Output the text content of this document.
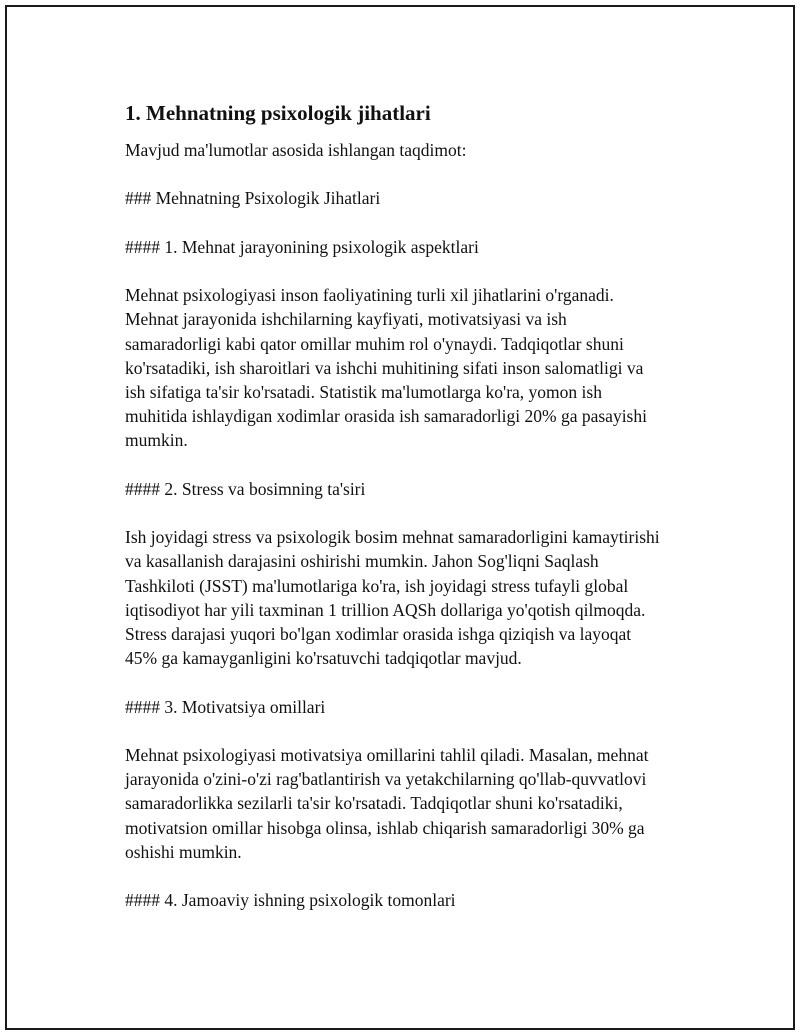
1. Mehnatning psixologik jihatlari

Mavjud ma'lumotlar asosida ishlangan taqdimot:

### Mehnatning Psixologik Jihatlari

#### 1. Mehnat jarayonining psixologik aspektlari

Mehnat psixologiyasi inson faoliyatining turli xil jihatlarini o'rganadi.

Mehnat jarayonida ishchilarning kayfiyati, motivatsiyasi va ish

samaradorligi kabi qator omillar muhim rol o'ynaydi. Tadqiqotlar shuni

ko'rsatadiki, ish sharoitlari va ishchi muhitining sifati inson salomatligi va

ish sifatiga ta'sir ko'rsatadi. Statistik ma'lumotlarga ko'ra, yomon ish

muhitida ishlaydigan xodimlar orasida ish samaradorligi 20% ga pasayishi

mumkin.

#### 2. Stress va bosimning ta'siri

Ish joyidagi stress va psixologik bosim mehnat samaradorligini kamaytirishi

va kasallanish darajasini oshirishi mumkin. Jahon Sog'liqni Saqlash

Tashkiloti (JSST) ma'lumotlariga ko'ra, ish joyidagi stress tufayli global

iqtisodiyot har yili taxminan 1 trillion AQSh dollariga yo'qotish qilmoqda.

Stress darajasi yuqori bo'lgan xodimlar orasida ishga qiziqish va layoqat

45% ga kamayganligini ko'rsatuvchi tadqiqotlar mavjud.

#### 3. Motivatsiya omillari

Mehnat psixologiyasi motivatsiya omillarini tahlil qiladi. Masalan, mehnat

jarayonida o'zini-o'zi rag'batlantirish va yetakchilarning qo'llab-quvvatlovi

samaradorlikka sezilarli ta'sir ko'rsatadi. Tadqiqotlar shuni ko'rsatadiki,

motivatsion omillar hisobga olinsa, ishlab chiqarish samaradorligi 30% ga

oshishi mumkin.

#### 4. Jamoaviy ishning psixologik tomonlari
